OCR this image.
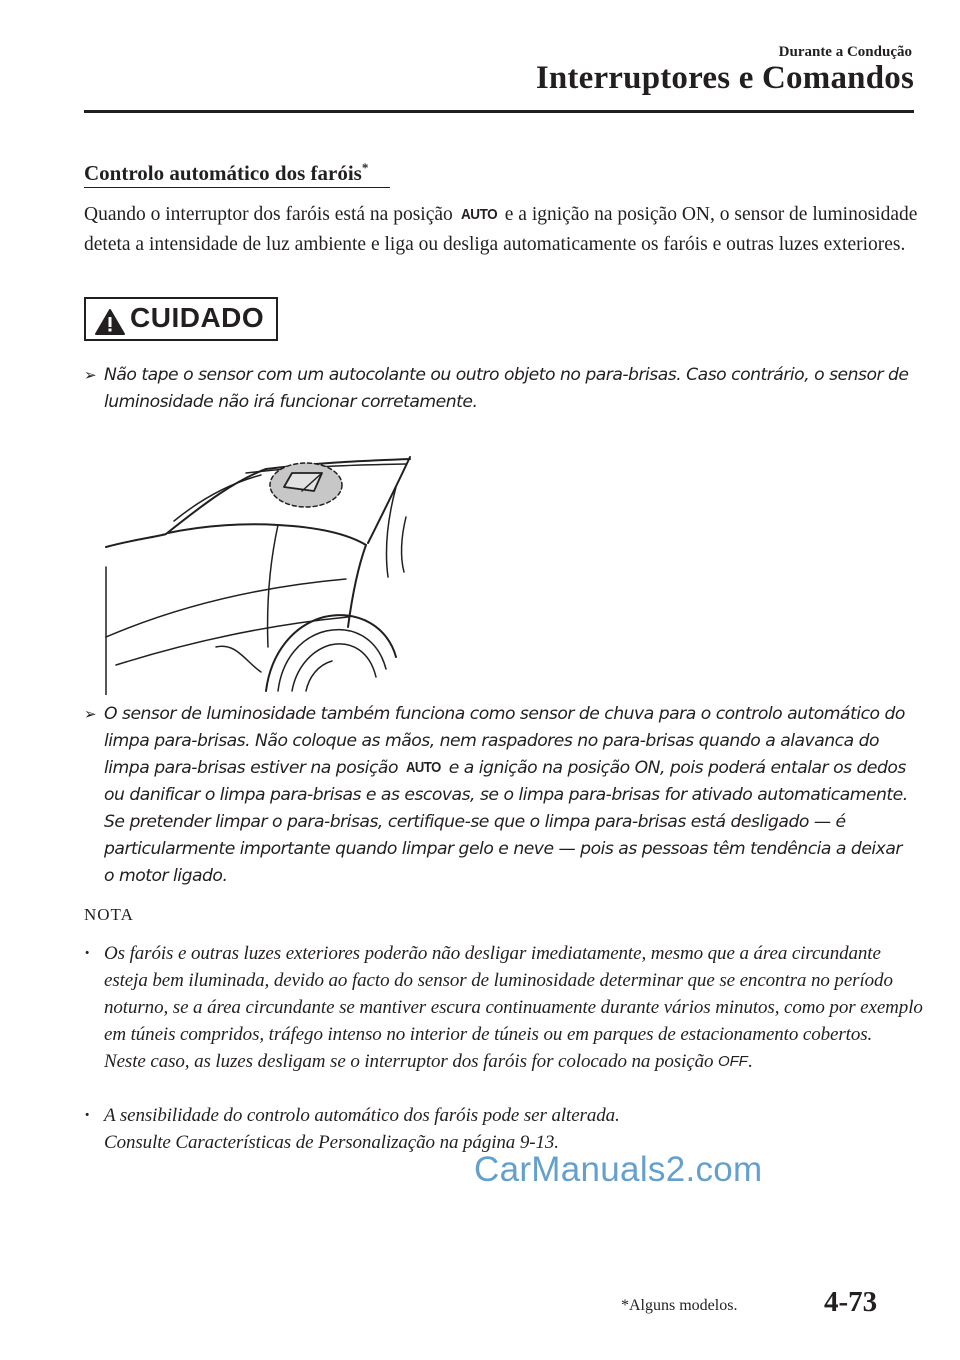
Durante a Condução
Interruptores e Comandos
Controlo automático dos faróis*
Quando o interruptor dos faróis está na posição AUTO e a ignição na posição ON, o sensor de luminosidade deteta a intensidade de luz ambiente e liga ou desliga automaticamente os faróis e outras luzes exteriores.
CUIDADO
➢ Não tape o sensor com um autocolante ou outro objeto no para-brisas. Caso contrário, o sensor de luminosidade não irá funcionar corretamente.
➢ O sensor de luminosidade também funciona como sensor de chuva para o controlo automático do limpa para-brisas. Não coloque as mãos, nem raspadores no para-brisas quando a alavanca do limpa para-brisas estiver na posição AUTO e a ignição na posição ON, pois poderá entalar os dedos ou danificar o limpa para-brisas e as escovas, se o limpa para-brisas for ativado automaticamente. Se pretender limpar o para-brisas, certifique-se que o limpa para-brisas está desligado — é particularmente importante quando limpar gelo e neve — pois as pessoas têm tendência a deixar o motor ligado.
NOTA
· Os faróis e outras luzes exteriores poderão não desligar imediatamente, mesmo que a área circundante esteja bem iluminada, devido ao facto do sensor de luminosidade determinar que se encontra no período noturno, se a área circundante se mantiver escura continuamente durante vários minutos, como por exemplo em túneis compridos, tráfego intenso no interior de túneis ou em parques de estacionamento cobertos.
Neste caso, as luzes desligam se o interruptor dos faróis for colocado na posição OFF.
· A sensibilidade do controlo automático dos faróis pode ser alterada.
Consulte Características de Personalização na página 9-13.
CarManuals2.com
*Alguns modelos.	4-73
